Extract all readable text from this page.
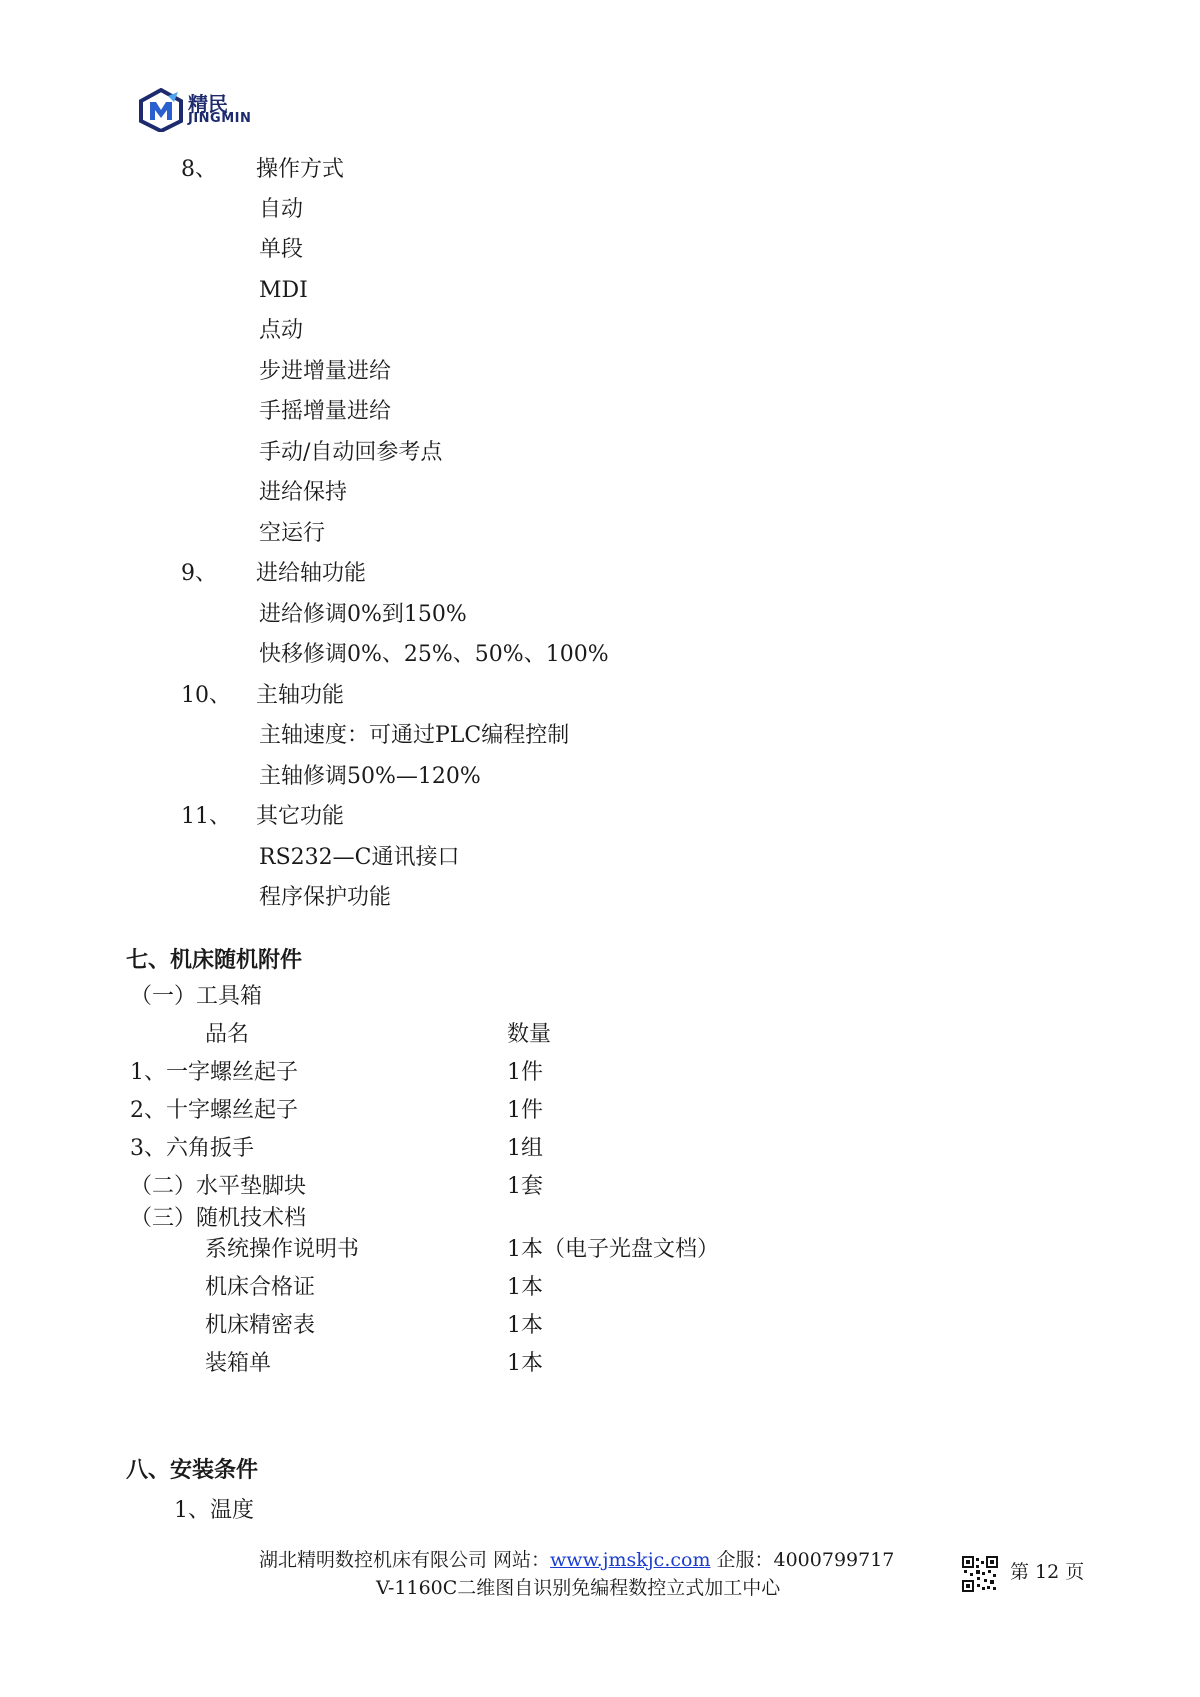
精民
JINGMIN
8、 操作方式
自动
单段
MDI
点动
步进增量进给
手摇增量进给
手动/自动回参考点
进给保持
空运行
9、 进给轴功能
进给修调0%到150%
快移修调0%、25%、50%、100%
10、 主轴功能
主轴速度：可通过PLC编程控制
主轴修调50%—120%
11、 其它功能
RS232—C通讯接口
程序保护功能
七、机床随机附件
（一）工具箱
品名	数量
1、一字螺丝起子	1件
2、十字螺丝起子	1件
3、六角扳手	1组
（二）水平垫脚块	1套
（三）随机技术档
系统操作说明书	1本（电子光盘文档）
机床合格证	1本
机床精密表	1本
装箱单	1本
八、安装条件
1、温度
湖北精明数控机床有限公司 网站：www.jmskjc.com 企服：4000799717
第 12 页
V-1160C二维图自识别免编程数控立式加工中心
